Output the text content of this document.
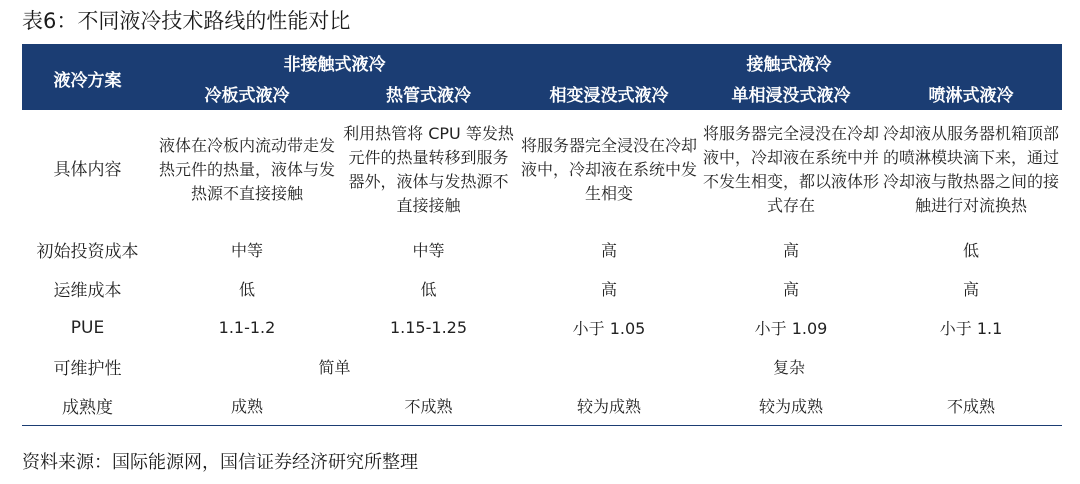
表6：不同液冷技术路线的性能对比
液冷方案	非接触式液冷		接触式液冷		
	冷板式液冷	热管式液冷	相变浸没式液冷	单相浸没式液冷	喷淋式液冷
具体内容	液体在冷板内流动带走发热元件的热量，液体与发热源不直接接触	利用热管将 CPU 等发热元件的热量转移到服务器外，液体与发热源不直接接触	将服务器完全浸没在冷却液中，冷却液在系统中发生相变	将服务器完全浸没在冷却液中，冷却液在系统中并不发生相变，都以液体形式存在	冷却液从服务器机箱顶部的喷淋模块滴下来，通过冷却液与散热器之间的接触进行对流换热
初始投资成本	中等	中等	高	高	低
运维成本	低	低	高	高	高
PUE	1.1-1.2	1.15-1.25	小于 1.05	小于 1.09	小于 1.1
可维护性	简单		复杂		
成熟度	成熟	不成熟	较为成熟	较为成熟	不成熟
资料来源：国际能源网，国信证券经济研究所整理
